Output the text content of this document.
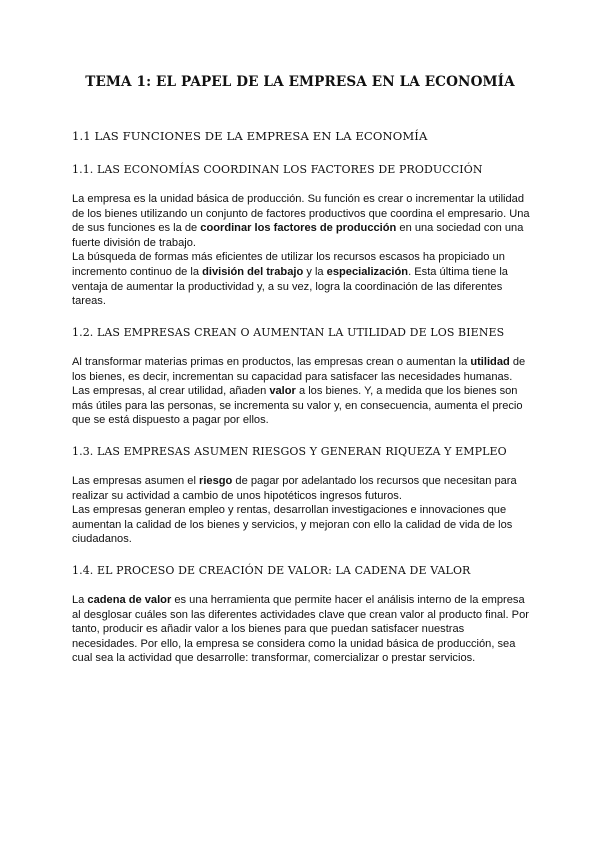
TEMA 1: EL PAPEL DE LA EMPRESA EN LA ECONOMÍA
1.1 LAS FUNCIONES DE LA EMPRESA EN LA ECONOMÍA
1.1. LAS ECONOMÍAS COORDINAN LOS FACTORES DE PRODUCCIÓN

La empresa es la unidad básica de producción. Su función es crear o incrementar la utilidad de los bienes utilizando un conjunto de factores productivos que coordina el empresario. Una de sus funciones es la de coordinar los factores de producción en una sociedad con una fuerte división de trabajo.

La búsqueda de formas más eficientes de utilizar los recursos escasos ha propiciado un incremento continuo de la división del trabajo y la especialización. Esta última tiene la ventaja de aumentar la productividad y, a su vez, logra la coordinación de las diferentes tareas.

1.2. LAS EMPRESAS CREAN O AUMENTAN LA UTILIDAD DE LOS BIENES

Al transformar materias primas en productos, las empresas crean o aumentan la utilidad de los bienes, es decir, incrementan su capacidad para satisfacer las necesidades humanas. Las empresas, al crear utilidad, añaden valor a los bienes. Y, a medida que los bienes son más útiles para las personas, se incrementa su valor y, en consecuencia, aumenta el precio que se está dispuesto a pagar por ellos.

1.3. LAS EMPRESAS ASUMEN RIESGOS Y GENERAN RIQUEZA Y EMPLEO

Las empresas asumen el riesgo de pagar por adelantado los recursos que necesitan para realizar su actividad a cambio de unos hipotéticos ingresos futuros.

Las empresas generan empleo y rentas, desarrollan investigaciones e innovaciones que aumentan la calidad de los bienes y servicios, y mejoran con ello la calidad de vida de los ciudadanos.

1.4. EL PROCESO DE CREACIÓN DE VALOR: LA CADENA DE VALOR

La cadena de valor es una herramienta que permite hacer el análisis interno de la empresa al desglosar cuáles son las diferentes actividades clave que crean valor al producto final. Por tanto, producir es añadir valor a los bienes para que puedan satisfacer nuestras necesidades. Por ello, la empresa se considera como la unidad básica de producción, sea cual sea la actividad que desarrolle: transformar, comercializar o prestar servicios.
